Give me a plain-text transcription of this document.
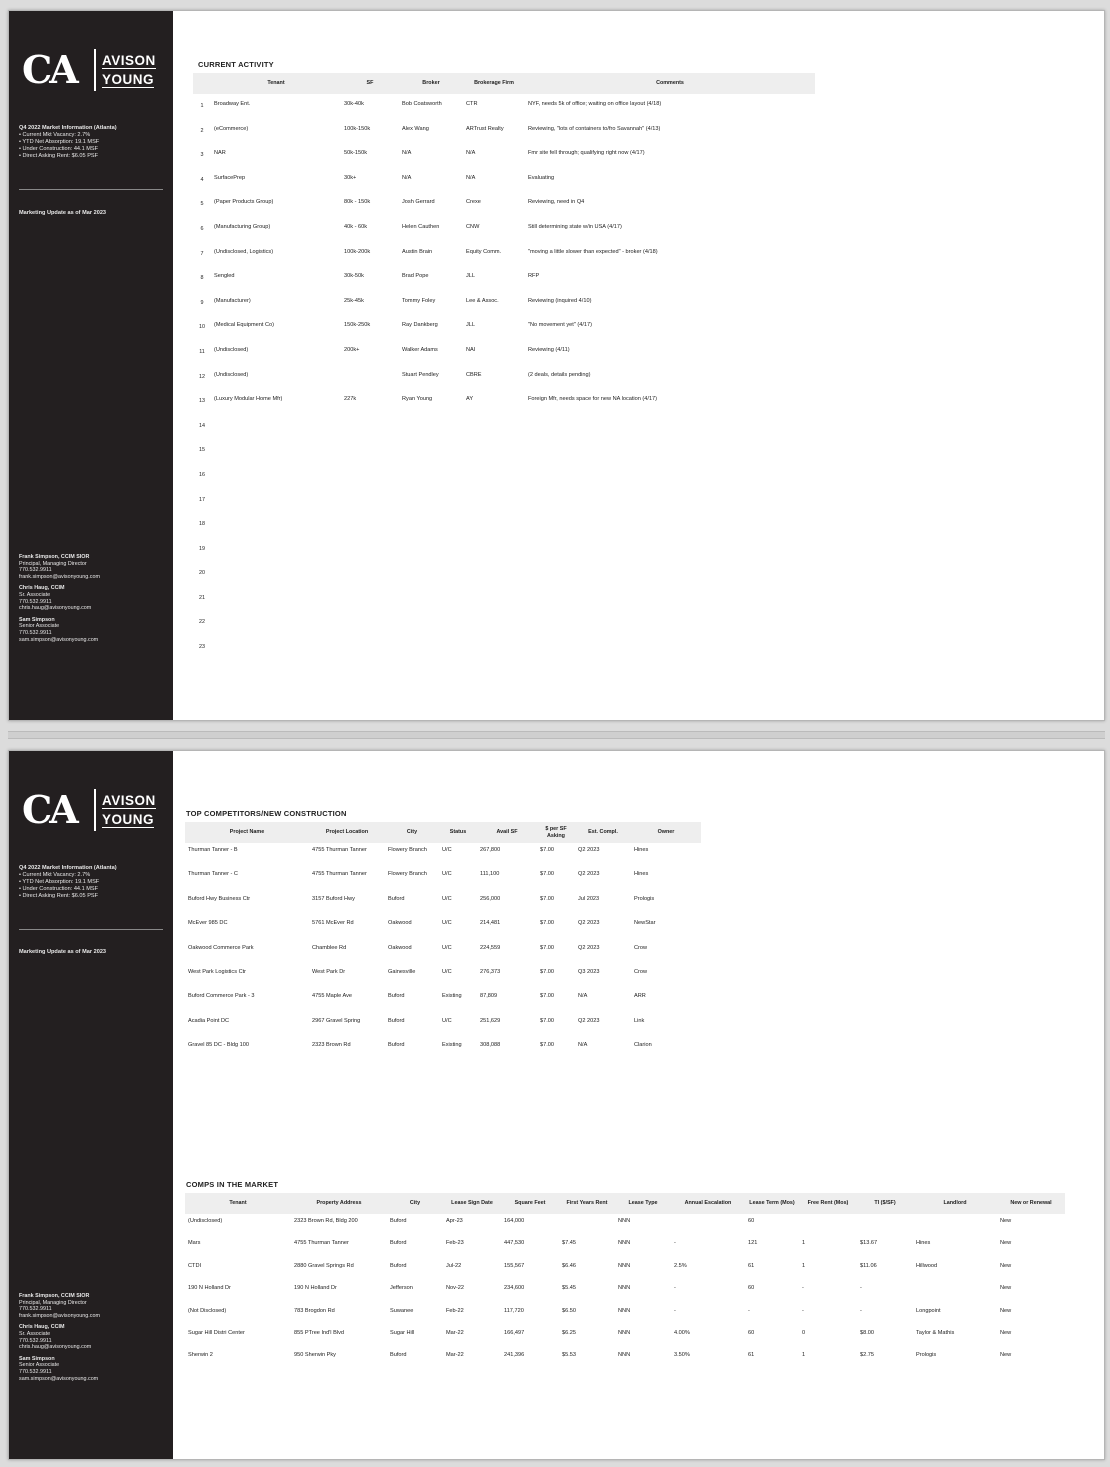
CA AVISON
YOUNG
Q4 2022 Market Information (Atlanta)
• Current Mkt Vacancy: 2.7%
• YTD Net Absorption: 19.1 MSF
• Under Construction: 44.1 MSF
• Direct Asking Rent: $6.05 PSF
Marketing Update as of Mar 2023
Frank Simpson, CCIM SIOR
Principal, Managing Director
770.532.9911
frank.simpson@avisonyoung.com
Chris Haug, CCIM
Sr. Associate
770.532.9911
chris.haug@avisonyoung.com
Sam Simpson
Senior Associate
770.532.9911
sam.simpson@avisonyoung.com
CURRENT ACTIVITY
	Tenant	SF	Broker	Brokerage Firm	Comments
1	Broadway Ent.	30k-40k	Bob Coatsworth	CTR	NYF, needs 5k of office; waiting on office layout (4/18)
2	(eCommerce)	100k-150k	Alex Wang	ARTrust Realty	Reviewing, "lots of containers to/fro Savannah" (4/13)
3	NAR	50k-150k	N/A	N/A	Fmr site fell through; qualifying right now (4/17)
4	SurfacePrep	30k+	N/A	N/A	Evaluating
5	(Paper Products Group)	80k - 150k	Josh Gerrard	Crexe	Reviewing, need in Q4
6	(Manufacturing Group)	40k - 60k	Helen Cauthen	CNW	Still determining state w/in USA (4/17)
7	(Undisclosed, Logistics)	100k-200k	Austin Brain	Equity Comm.	"moving a little slower than expected" - broker (4/18)
8	Sengled	30k-50k	Brad Pope	JLL	RFP
9	(Manufacturer)	25k-45k	Tommy Foley	Lee & Assoc.	Reviewing (inquired 4/10)
10	(Medical Equipment Co)	150k-250k	Ray Dankberg	JLL	"No movement yet" (4/17)
11	(Undisclosed)	200k+	Walker Adams	NAI	Reviewing (4/11)
12	(Undisclosed)		Stuart Pendley	CBRE	(2 deals, details pending)
13	(Luxury Modular Home Mfr)	227k	Ryan Young	AY	Foreign Mfr, needs space for new NA location (4/17)
14					
15					
16					
17					
18					
19					
20					
21					
22					
23					
CA AVISON
YOUNG
Q4 2022 Market Information (Atlanta)
• Current Mkt Vacancy: 2.7%
• YTD Net Absorption: 19.1 MSF
• Under Construction: 44.1 MSF
• Direct Asking Rent: $6.05 PSF
Marketing Update as of Mar 2023
Frank Simpson, CCIM SIOR
Principal, Managing Director
770.532.9911
frank.simpson@avisonyoung.com
Chris Haug, CCIM
Sr. Associate
770.532.9911
chris.haug@avisonyoung.com
Sam Simpson
Senior Associate
770.532.9911
sam.simpson@avisonyoung.com
TOP COMPETITORS/NEW CONSTRUCTION
Project Name	Project Location	City	Status	Avail SF	$ per SF Asking	Est. Compl.	Owner
Thurman Tanner - B	4755 Thurman Tanner	Flowery Branch	U/C	267,800	$7.00	Q2 2023	Hines
Thurman Tanner - C	4755 Thurman Tanner	Flowery Branch	U/C	111,100	$7.00	Q2 2023	Hines
Buford Hwy Business Ctr	3157 Buford Hwy	Buford	U/C	256,000	$7.00	Jul 2023	Prologis
McEver 985 DC	5761 McEver Rd	Oakwood	U/C	214,481	$7.00	Q2 2023	NewStar
Oakwood Commerce Park	Chamblee Rd	Oakwood	U/C	224,559	$7.00	Q2 2023	Crow
West Park Logistics Ctr	West Park Dr	Gainesville	U/C	276,373	$7.00	Q3 2023	Crow
Buford Commerce Park - 3	4755 Maple Ave	Buford	Existing	87,809	$7.00	N/A	ARR
Acadia Point DC	2967 Gravel Spring	Buford	U/C	251,629	$7.00	Q2 2023	Link
Gravel 85 DC - Bldg 100	2323 Brown Rd	Buford	Existing	308,088	$7.00	N/A	Clarion
COMPS IN THE MARKET
Tenant	Property Address	City	Lease Sign Date	Square Feet	First Years Rent	Lease Type	Annual Escalation	Lease Term (Mos)	Free Rent (Mos)	TI ($/SF)	Landlord	New or Renewal
(Undisclosed)	2323 Brown Rd, Bldg 200	Buford	Apr-23	164,000		NNN		60				New
Mars	4755 Thurman Tanner	Buford	Feb-23	447,530	$7.45	NNN	-	121	1	$13.67	Hines	New
CTDI	2880 Gravel Springs Rd	Buford	Jul-22	155,567	$6.46	NNN	2.5%	61	1	$11.06	Hillwood	New
190 N Holland Dr	190 N Holland Dr	Jefferson	Nov-22	234,600	$5.45	NNN	-	60	-	-		New
(Not Disclosed)	783 Brogdon Rd	Suwanee	Feb-22	117,720	$6.50	NNN	-	-	-	-	Longpoint	New
Sugar Hill Distri Center	855 PTree Ind'l Blvd	Sugar Hill	Mar-22	166,497	$6.25	NNN	4.00%	60	0	$8.00	Taylor & Mathis	New
Sherwin 2	950 Sherwin Pky	Buford	Mar-22	241,396	$5.53	NNN	3.50%	61	1	$2.75	Prologis	New
